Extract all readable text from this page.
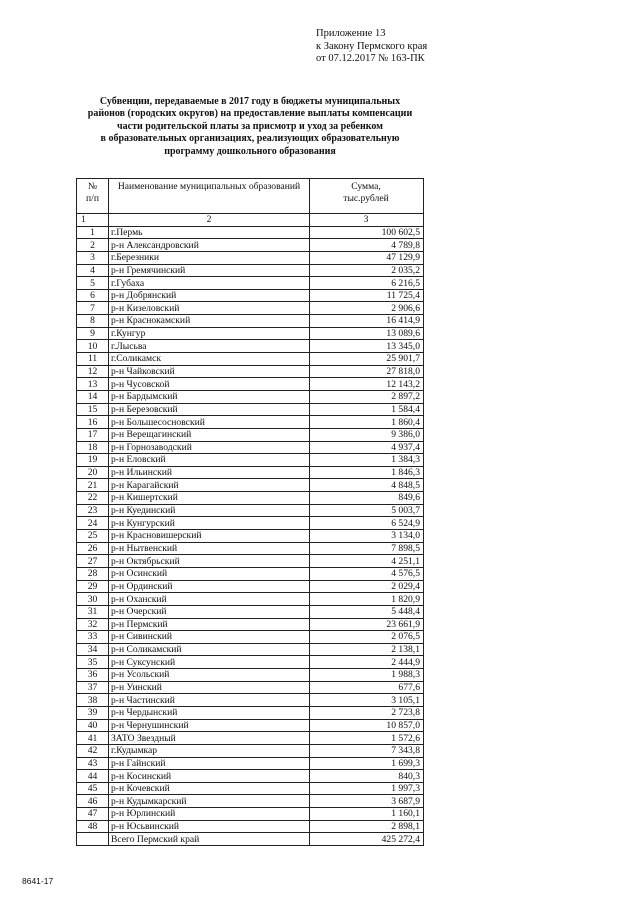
Приложение 13
к Закону Пермского края
от 07.12.2017 № 163-ПК
Субвенции, передаваемые в 2017 году в бюджеты муниципальных
районов (городских округов) на предоставление выплаты компенсации
части родительской платы за присмотр и уход за ребенком
в образовательных организациях, реализующих образовательную
программу дошкольного образования
№
п/п	Наименование муниципальных образований	Сумма,
тыс.рублей
1	2	3
1	г.Пермь	100 602,5
2	р-н Александровский	4 789,8
3	г.Березники	47 129,9
4	р-н Гремячинский	2 035,2
5	г.Губаха	6 216,5
6	р-н Добрянский	11 725,4
7	р-н Кизеловский	2 906,6
8	р-н Краснокамский	16 414,9
9	г.Кунгур	13 089,6
10	г.Лысьва	13 345,0
11	г.Соликамск	25 901,7
12	р-н Чайковский	27 818,0
13	р-н Чусовской	12 143,2
14	р-н Бардымский	2 897,2
15	р-н Березовский	1 584,4
16	р-н Большесосновский	1 860,4
17	р-н Верещагинский	9 386,0
18	р-н Горнозаводский	4 937,4
19	р-н Еловский	1 384,3
20	р-н Ильинский	1 846,3
21	р-н Карагайский	4 848,5
22	р-н Кишертский	849,6
23	р-н Куединский	5 003,7
24	р-н Кунгурский	6 524,9
25	р-н Красновишерский	3 134,0
26	р-н Нытвенский	7 898,5
27	р-н Октябрьский	4 251,1
28	р-н Осинский	4 576,5
29	р-н Ординский	2 029,4
30	р-н Оханский	1 820,9
31	р-н Очерский	5 448,4
32	р-н Пермский	23 661,9
33	р-н Сивинский	2 076,5
34	р-н Соликамский	2 138,1
35	р-н Суксунский	2 444,9
36	р-н Усольский	1 988,3
37	р-н Уинский	677,6
38	р-н Частинский	3 105,1
39	р-н Чердынский	2 723,8
40	р-н Чернушинский	10 857,0
41	ЗАТО Звездный	1 572,6
42	г.Кудымкар	7 343,8
43	р-н Гайнский	1 699,3
44	р-н Косинский	840,3
45	р-н Кочевский	1 997,3
46	р-н Кудымкарский	3 687,9
47	р-н Юрлинский	1 160,1
48	р-н Юсьвинский	2 898,1
	Всего Пермский край	425 272,4
8641-17
